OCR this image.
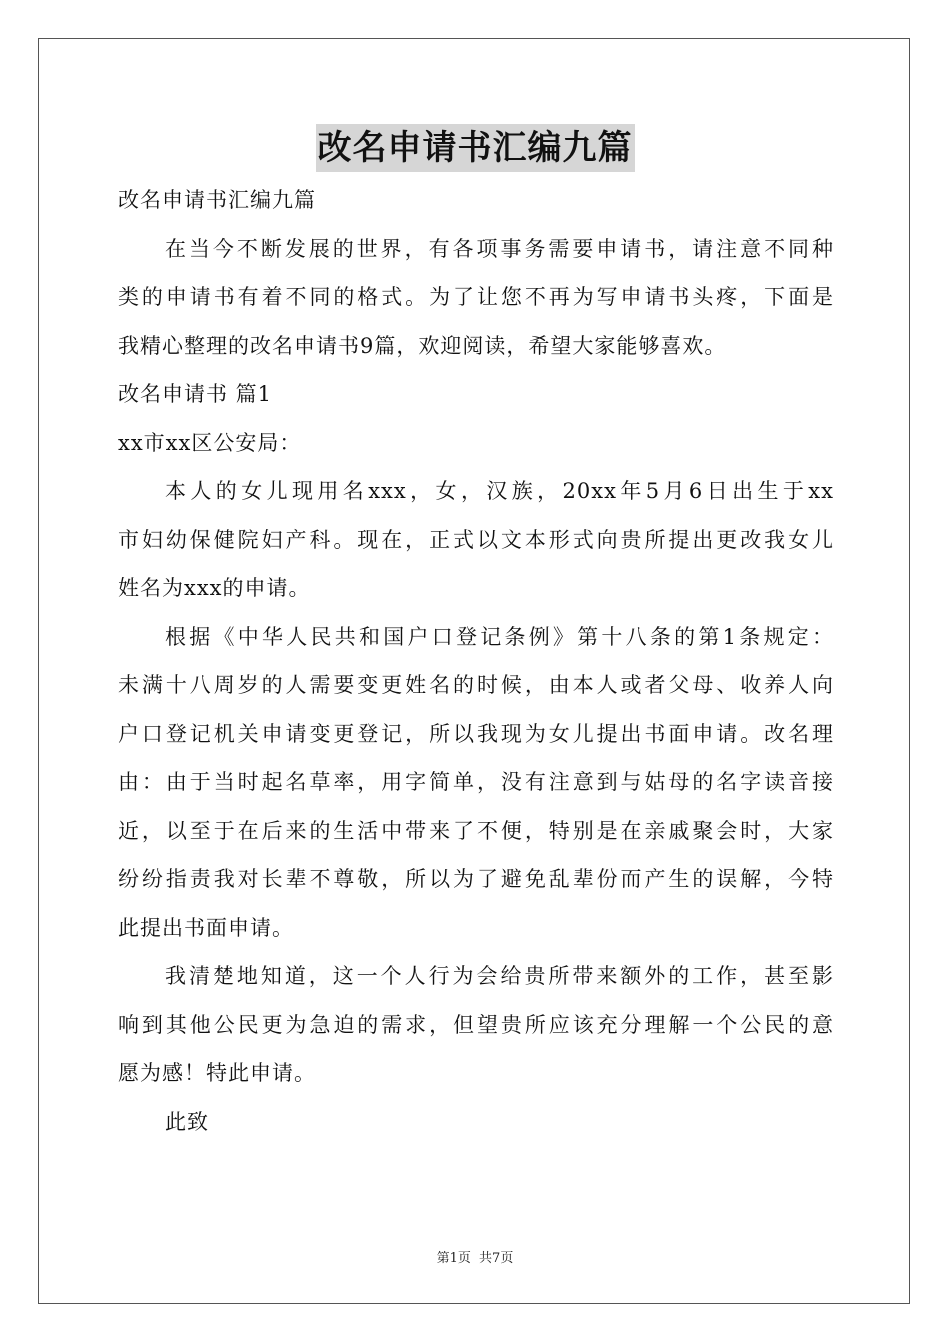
改名申请书汇编九篇
改名申请书汇编九篇
在当今不断发展的世界，有各项事务需要申请书，请注意不同种
类的申请书有着不同的格式。为了让您不再为写申请书头疼，下面是
我精心整理的改名申请书9篇，欢迎阅读，希望大家能够喜欢。
改名申请书 篇1
xx市xx区公安局：
本人的女儿现用名xxx，女，汉族，20xx年5月6日出生于xx
市妇幼保健院妇产科。现在，正式以文本形式向贵所提出更改我女儿
姓名为xxx的申请。
根据《中华人民共和国户口登记条例》第十八条的第1条规定：
未满十八周岁的人需要变更姓名的时候，由本人或者父母、收养人向
户口登记机关申请变更登记，所以我现为女儿提出书面申请。改名理
由：由于当时起名草率，用字简单，没有注意到与姑母的名字读音接
近，以至于在后来的生活中带来了不便，特别是在亲戚聚会时，大家
纷纷指责我对长辈不尊敬，所以为了避免乱辈份而产生的误解，今特
此提出书面申请。
我清楚地知道，这一个人行为会给贵所带来额外的工作，甚至影
响到其他公民更为急迫的需求，但望贵所应该充分理解一个公民的意
愿为感！特此申请。
此致
第1页 共7页
